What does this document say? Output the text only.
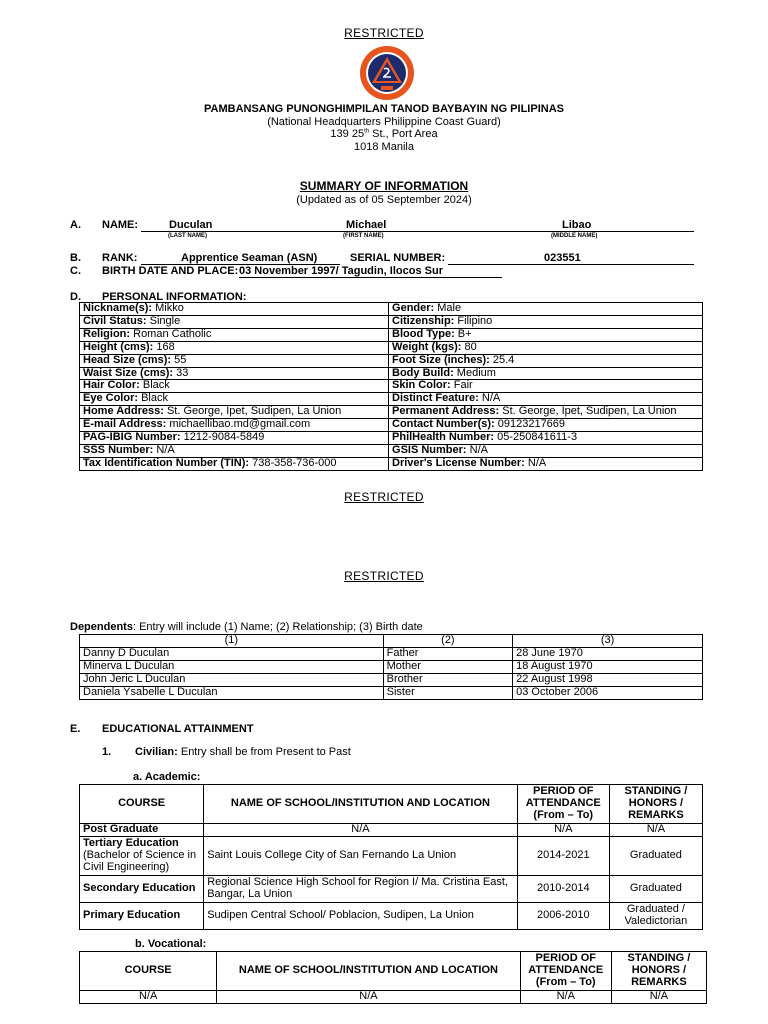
RESTRICTED
PAMBANSANG PUNONGHIMPILAN TANOD BAYBAYIN NG PILIPINAS
(National Headquarters Philippine Coast Guard)
139 25th St., Port Area
1018 Manila
SUMMARY OF INFORMATION
(Updated as of 05 September 2024)
A. NAME:	Duculan	Michael	Libao
(LAST NAME)	(FIRST NAME)	(MIDDLE NAME)
B. RANK:	Apprentice Seaman (ASN)	SERIAL NUMBER:	023551
C. BIRTH DATE AND PLACE: 03 November 1997/ Tagudin, Ilocos Sur
D. PERSONAL INFORMATION:
Nickname(s): Mikko	Gender: Male
Civil Status: Single	Citizenship: Filipino
Religion: Roman Catholic	Blood Type: B+
Height (cms): 168	Weight (kgs): 80
Head Size (cms): 55	Foot Size (inches): 25.4
Waist Size (cms): 33	Body Build: Medium
Hair Color: Black	Skin Color: Fair
Eye Color: Black	Distinct Feature: N/A
Home Address: St. George, Ipet, Sudipen, La Union	Permanent Address: St. George, Ipet, Sudipen, La Union
E-mail Address: michaellibao.md@gmail.com	Contact Number(s): 09123217669
PAG-IBIG Number: 1212-9084-5849	PhilHealth Number: 05-250841611-3
SSS Number: N/A	GSIS Number: N/A
Tax Identification Number (TIN): 738-358-736-000	Driver's License Number: N/A
RESTRICTED
RESTRICTED
Dependents: Entry will include (1) Name; (2) Relationship; (3) Birth date
(1)	(2)	(3)
Danny D Duculan	Father	28 June 1970
Minerva L Duculan	Mother	18 August 1970
John Jeric L Duculan	Brother	22 August 1998
Daniela Ysabelle L Duculan	Sister	03 October 2006
E. EDUCATIONAL ATTAINMENT
1. Civilian: Entry shall be from Present to Past
a. Academic:
COURSE	NAME OF SCHOOL/INSTITUTION AND LOCATION	PERIOD OF ATTENDANCE (From – To)	STANDING / HONORS / REMARKS
Post Graduate	N/A	N/A	N/A
Tertiary Education
(Bachelor of Science in Civil Engineering)	Saint Louis College City of San Fernando La Union	2014-2021	Graduated
Secondary Education	Regional Science High School for Region I/ Ma. Cristina East, Bangar, La Union	2010-2014	Graduated
Primary Education	Sudipen Central School/ Poblacion, Sudipen, La Union	2006-2010	Graduated / Valedictorian
b. Vocational:
COURSE	NAME OF SCHOOL/INSTITUTION AND LOCATION	PERIOD OF ATTENDANCE (From – To)	STANDING / HONORS / REMARKS
N/A	N/A	N/A	N/A
